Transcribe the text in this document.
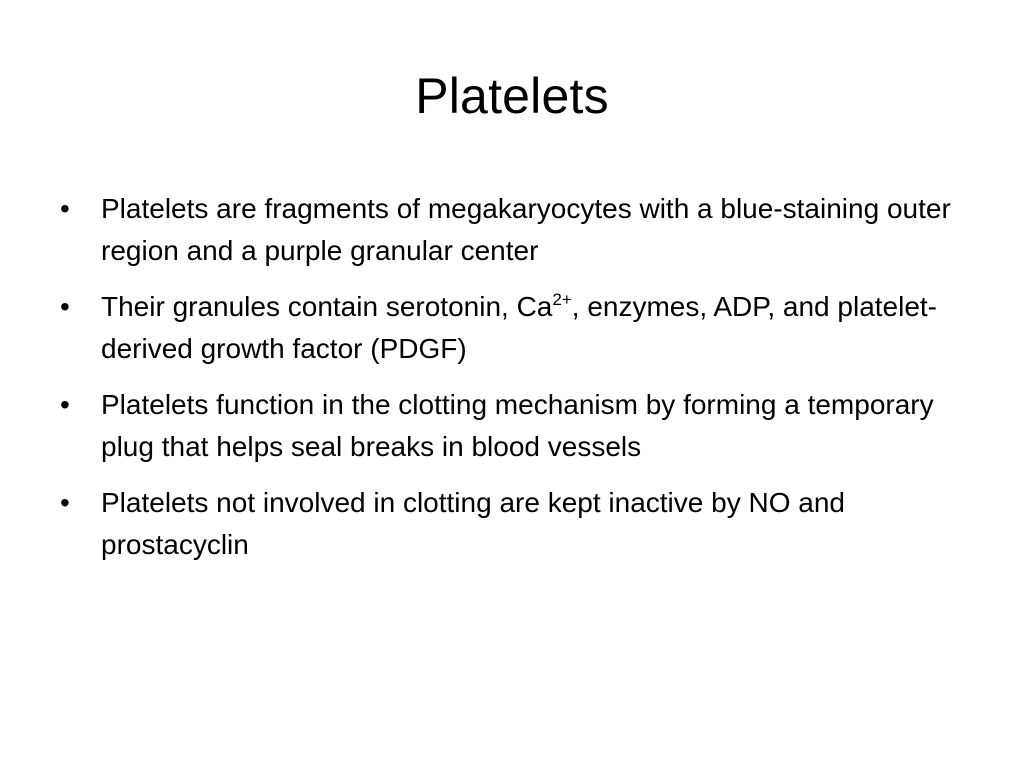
Platelets
•	Platelets are fragments of megakaryocytes with a blue-staining outer region and a purple granular center
•	Their granules contain serotonin, $Ca^{2+}$, enzymes, ADP, and platelet-derived growth factor (PDGF)
•	Platelets function in the clotting mechanism by forming a temporary plug that helps seal breaks in blood vessels
•	Platelets not involved in clotting are kept inactive by NO and prostacyclin
